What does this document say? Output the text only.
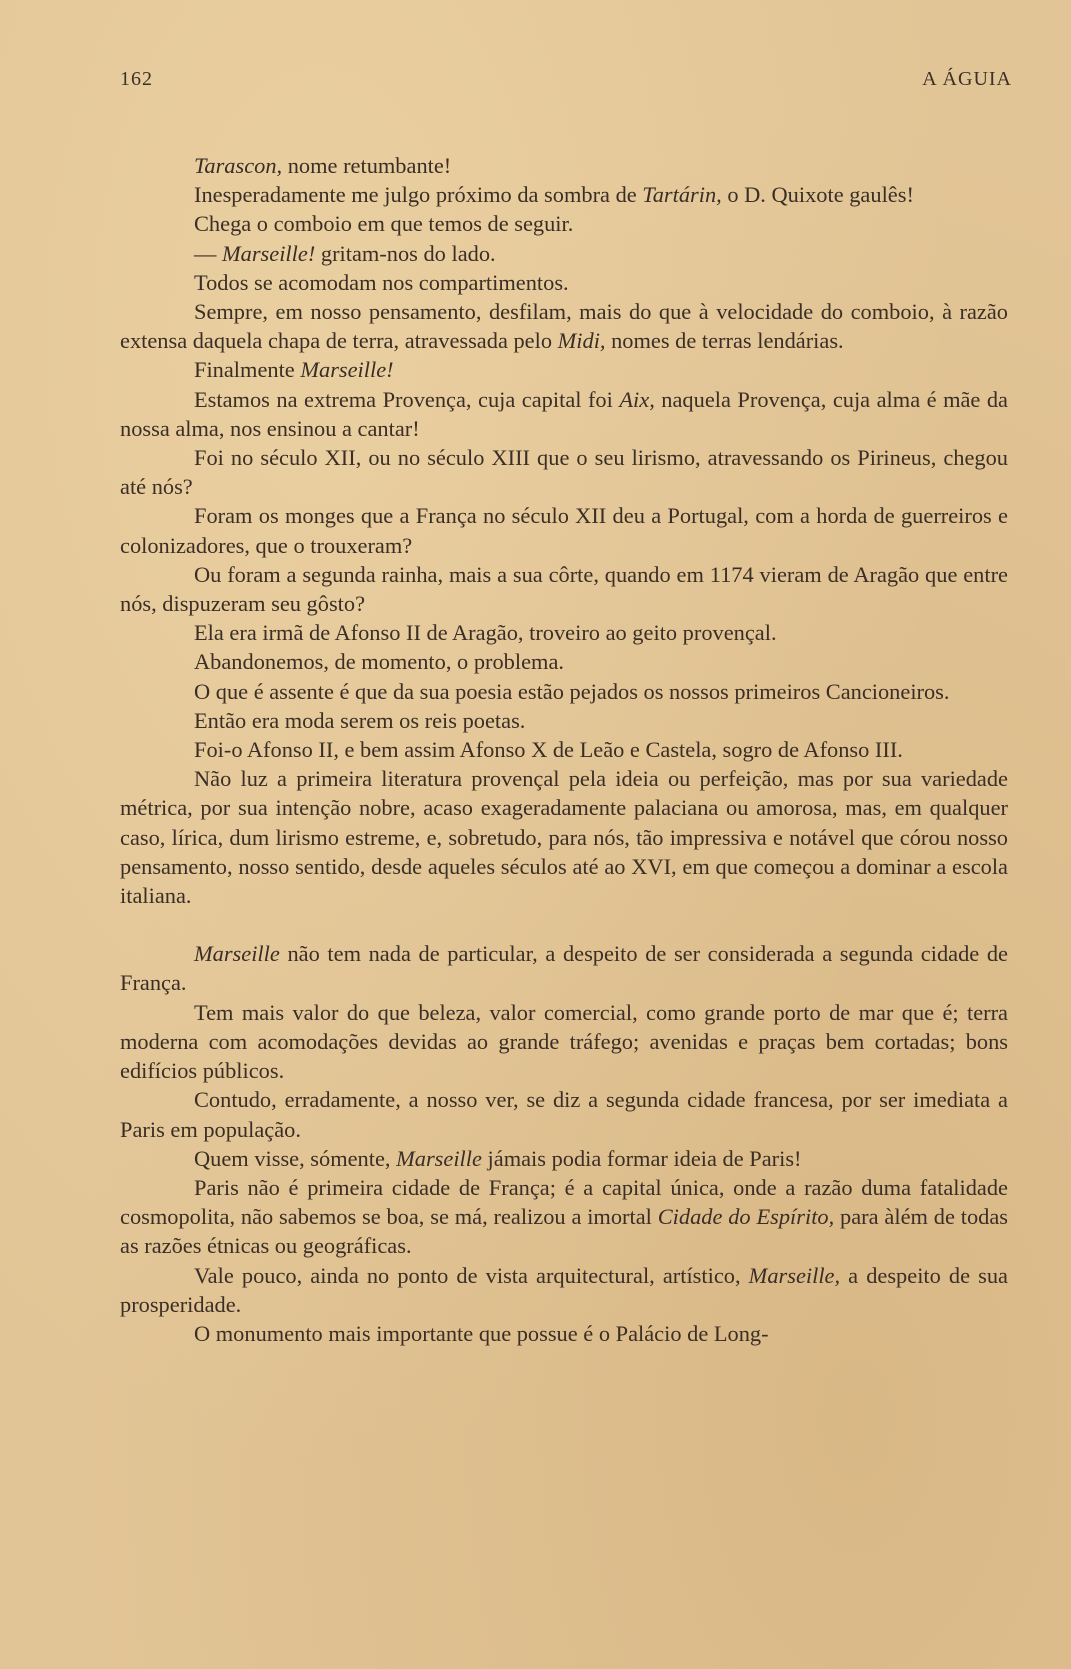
162	A ÁGUIA

Tarascon, nome retumbante!

Inesperadamente me julgo próximo da sombra de Tartárin, o D. Quixote gaulês!

Chega o comboio em que temos de seguir.

— Marseille! gritam-nos do lado.

Todos se acomodam nos compartimentos.

Sempre, em nosso pensamento, desfilam, mais do que à velocidade do comboio, à razão extensa daquela chapa de terra, atravessada pelo Midi, nomes de terras lendárias.

Finalmente Marseille!

Estamos na extrema Provença, cuja capital foi Aix, naquela Provença, cuja alma é mãe da nossa alma, nos ensinou a cantar!

Foi no século XII, ou no século XIII que o seu lirismo, atravessando os Pirineus, chegou até nós?

Foram os monges que a França no século XII deu a Portugal, com a horda de guerreiros e colonizadores, que o trouxeram?

Ou foram a segunda rainha, mais a sua côrte, quando em 1174 vieram de Aragão que entre nós, dispuzeram seu gôsto?

Ela era irmã de Afonso II de Aragão, troveiro ao geito provençal.

Abandonemos, de momento, o problema.

O que é assente é que da sua poesia estão pejados os nossos primeiros Cancioneiros.

Então era moda serem os reis poetas.

Foi-o Afonso II, e bem assim Afonso X de Leão e Castela, sogro de Afonso III.

Não luz a primeira literatura provençal pela ideia ou perfeição, mas por sua variedade métrica, por sua intenção nobre, acaso exageradamente palaciana ou amorosa, mas, em qualquer caso, lírica, dum lirismo estreme, e, sobretudo, para nós, tão impressiva e notável que córou nosso pensamento, nosso sentido, desde aqueles séculos até ao XVI, em que começou a dominar a escola italiana.

Marseille não tem nada de particular, a despeito de ser considerada a segunda cidade de França.

Tem mais valor do que beleza, valor comercial, como grande porto de mar que é; terra moderna com acomodações devidas ao grande tráfego; avenidas e praças bem cortadas; bons edifícios públicos.

Contudo, erradamente, a nosso ver, se diz a segunda cidade francesa, por ser imediata a Paris em população.

Quem visse, sómente, Marseille jámais podia formar ideia de Paris!

Paris não é primeira cidade de França; é a capital única, onde a razão duma fatalidade cosmopolita, não sabemos se boa, se má, realizou a imortal Cidade do Espírito, para àlém de todas as razões étnicas ou geográficas.

Vale pouco, ainda no ponto de vista arquitectural, artístico, Marseille, a despeito de sua prosperidade.

O monumento mais importante que possue é o Palácio de Long-
